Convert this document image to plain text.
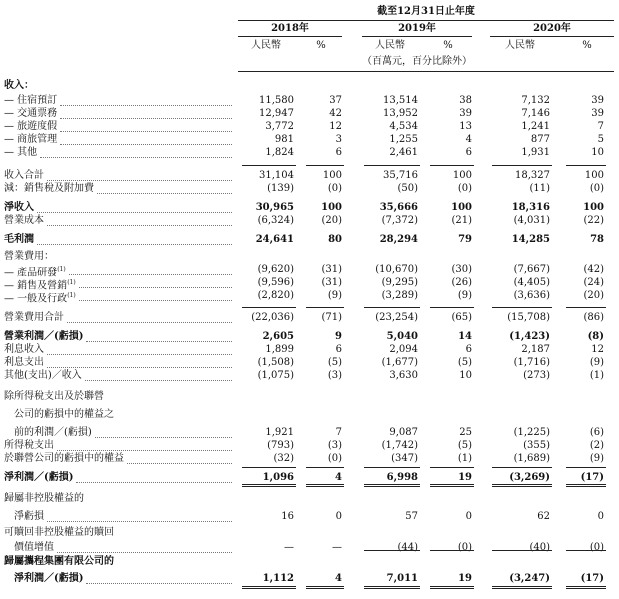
截至12月31日止年度
2018年	2019年	2020年
人民幣	%	人民幣	%	人民幣	%
（百萬元，百分比除外）
收入：
— 住宿預訂	11,580	37	13,514	38	7,132	39
— 交通票務	12,947	42	13,952	39	7,146	39
— 旅遊度假	3,772	12	4,534	13	1,241	7
— 商旅管理	981	3	1,255	4	877	5
— 其他	1,824	6	2,461	6	1,931	10
收入合計	31,104	100	35,716	100	18,327	100
減：銷售稅及附加費	(139)	(0)	(50)	(0)	(11)	(0)
淨收入	30,965	100	35,666	100	18,316	100
營業成本	(6,324)	(20)	(7,372)	(21)	(4,031)	(22)
毛利潤	24,641	80	28,294	79	14,285	78
營業費用：
— 產品研發$^{(1)}$	(9,620)	(31)	(10,670)	(30)	(7,667)	(42)
— 銷售及營銷$^{(1)}$	(9,596)	(31)	(9,295)	(26)	(4,405)	(24)
— 一般及行政$^{(1)}$	(2,820)	(9)	(3,289)	(9)	(3,636)	(20)
營業費用合計	(22,036)	(71)	(23,254)	(65)	(15,708)	(86)
營業利潤／(虧損)	2,605	9	5,040	14	(1,423)	(8)
利息收入	1,899	6	2,094	6	2,187	12
利息支出	(1,508)	(5)	(1,677)	(5)	(1,716)	(9)
其他(支出)／收入	(1,075)	(3)	3,630	10	(273)	(1)
除所得稅支出及於聯營
公司的虧損中的權益之
前的利潤／(虧損)	1,921	7	9,087	25	(1,225)	(6)
所得稅支出	(793)	(3)	(1,742)	(5)	(355)	(2)
於聯營公司的虧損中的權益	(32)	(0)	(347)	(1)	(1,689)	(9)
淨利潤／(虧損)	1,096	4	6,998	19	(3,269)	(17)
歸屬非控股權益的
淨虧損	16	0	57	0	62	0
可贖回非控股權益的贖回
價值增值	—	—	(44)	(0)	(40)	(0)
歸屬攜程集團有限公司的
淨利潤／(虧損)	1,112	4	7,011	19	(3,247)	(17)
